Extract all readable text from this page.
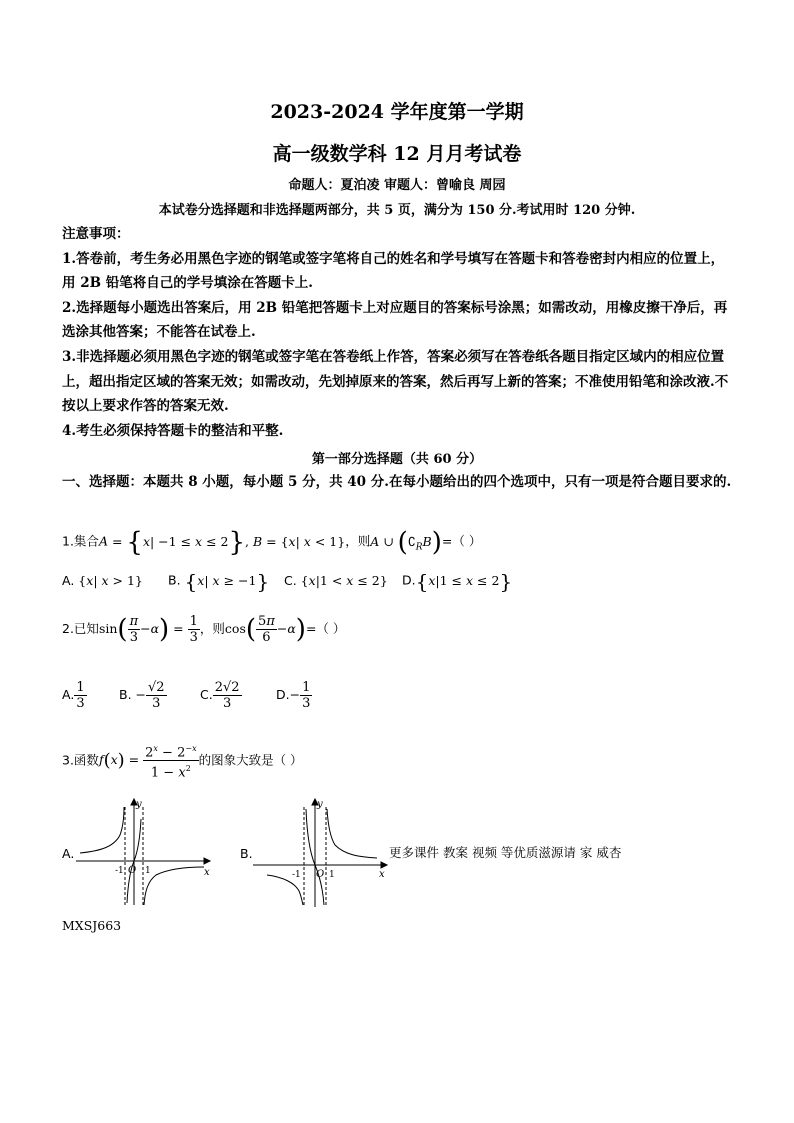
2023-2024 学年度第一学期
高一级数学科 12 月月考试卷
命题人：夏泊凌 审题人：曾喻良 周园
本试卷分选择题和非选择题两部分，共 5 页，满分为 150 分.考试用时 120 分钟.

注意事项：

1.答卷前，考生务必用黑色字迹的钢笔或签字笔将自己的姓名和学号填写在答题卡和答卷密封内相应的位置上，用 2B 铅笔将自己的学号填涂在答题卡上.

2.选择题每小题选出答案后，用 2B 铅笔把答题卡上对应题目的答案标号涂黑；如需改动，用橡皮擦干净后，再选涂其他答案；不能答在试卷上.

3.非选择题必须用黑色字迹的钢笔或签字笔在答卷纸上作答，答案必须写在答卷纸各题目指定区域内的相应位置上，超出指定区域的答案无效；如需改动，先划掉原来的答案，然后再写上新的答案；不准使用铅笔和涂改液.不按以上要求作答的答案无效.

4.考生必须保持答题卡的整洁和平整.

第一部分选择题（共 60 分）
一、选择题：本题共 8 小题，每小题 5 分，共 40 分.在每小题给出的四个选项中，只有一项是符合题目要求的.
1.集合A = {x| −1 ≤ x ≤ 2}, B = {x| x < 1}，则A ∪ $(∁_RB)=$（ ）
A. {x| x > 1} B. {x| x ≥ −1} C. {x|1 < x ≤ 2} D.{x|1 ≤ x ≤ 2}
2.已知$\sin( \frac{\pi}{3} -\alpha) = \frac{1}{3}$ ，则$\cos( \frac{5\pi}{6} -\alpha)=$（ ）
A. $\frac{1}{3}$	B. − $\frac{√2}{3}$	C. $\frac{2√2}{3}$	$D.- \frac{1}{3}$
3.函数$f(x) = \frac{2^x - 2^{-x}}{1 - x^2}$ 的图象大致是（ ）
A.
y
x
O
-1 1
B.
y
x
O
-1	1
更多课件 教案 视频 等优质滋源请 家 威杏
MXSJ663
